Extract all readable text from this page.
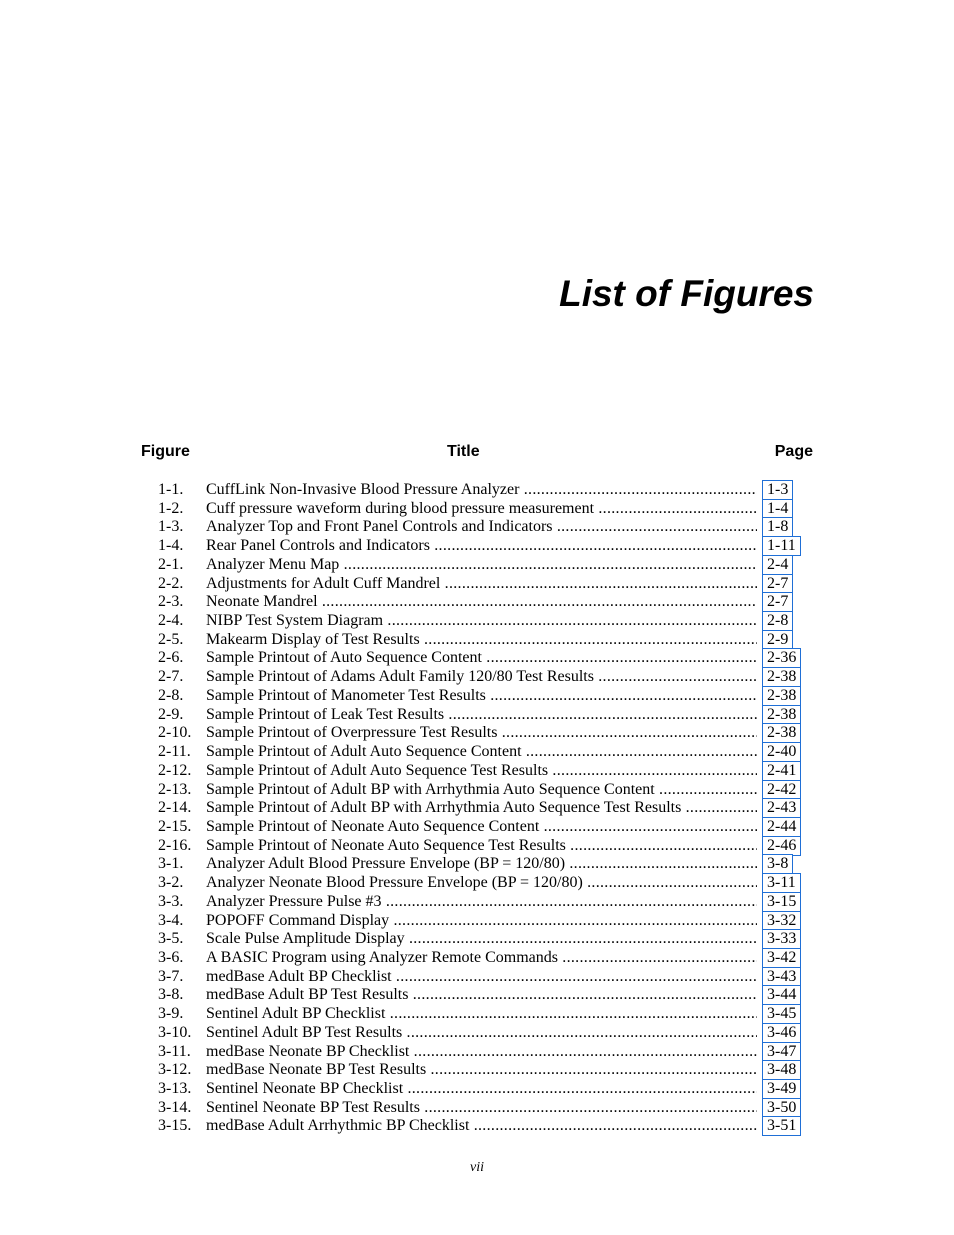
List of Figures
Figure	Title	Page
1-1. CuffLink Non-Invasive Blood Pressure Analyzer .....	1-3
1-2. Cuff pressure waveform during blood pressure measurement .....	1-4
1-3. Analyzer Top and Front Panel Controls and Indicators .....	1-8
1-4. Rear Panel Controls and Indicators .....	1-11
2-1. Analyzer Menu Map .....	2-4
2-2. Adjustments for Adult Cuff Mandrel .....	2-7
2-3. Neonate Mandrel .....	2-7
2-4. NIBP Test System Diagram .....	2-8
2-5. Makearm Display of Test Results .....	2-9
2-6. Sample Printout of Auto Sequence Content .....	2-36
2-7. Sample Printout of Adams Adult Family 120/80 Test Results .....	2-38
2-8. Sample Printout of Manometer Test Results .....	2-38
2-9. Sample Printout of Leak Test Results .....	2-38
2-10. Sample Printout of Overpressure Test Results .....	2-38
2-11. Sample Printout of Adult Auto Sequence Content .....	2-40
2-12. Sample Printout of Adult Auto Sequence Test Results .....	2-41
2-13. Sample Printout of Adult BP with Arrhythmia Auto Sequence Content .....	2-42
2-14. Sample Printout of Adult BP with Arrhythmia Auto Sequence Test Results .....	2-43
2-15. Sample Printout of Neonate Auto Sequence Content .....	2-44
2-16. Sample Printout of Neonate Auto Sequence Test Results .....	2-46
3-1. Analyzer Adult Blood Pressure Envelope (BP = 120/80) .....	3-8
3-2. Analyzer Neonate Blood Pressure Envelope (BP = 120/80) .....	3-11
3-3. Analyzer Pressure Pulse #3 .....	3-15
3-4. POPOFF Command Display .....	3-32
3-5. Scale Pulse Amplitude Display .....	3-33
3-6. A BASIC Program using Analyzer Remote Commands .....	3-42
3-7. medBase Adult BP Checklist .....	3-43
3-8. medBase Adult BP Test Results .....	3-44
3-9. Sentinel Adult BP Checklist .....	3-45
3-10. Sentinel Adult BP Test Results .....	3-46
3-11. medBase Neonate BP Checklist .....	3-47
3-12. medBase Neonate BP Test Results .....	3-48
3-13. Sentinel Neonate BP Checklist .....	3-49
3-14. Sentinel Neonate BP Test Results .....	3-50
3-15. medBase Adult Arrhythmic BP Checklist .....	3-51
vii
